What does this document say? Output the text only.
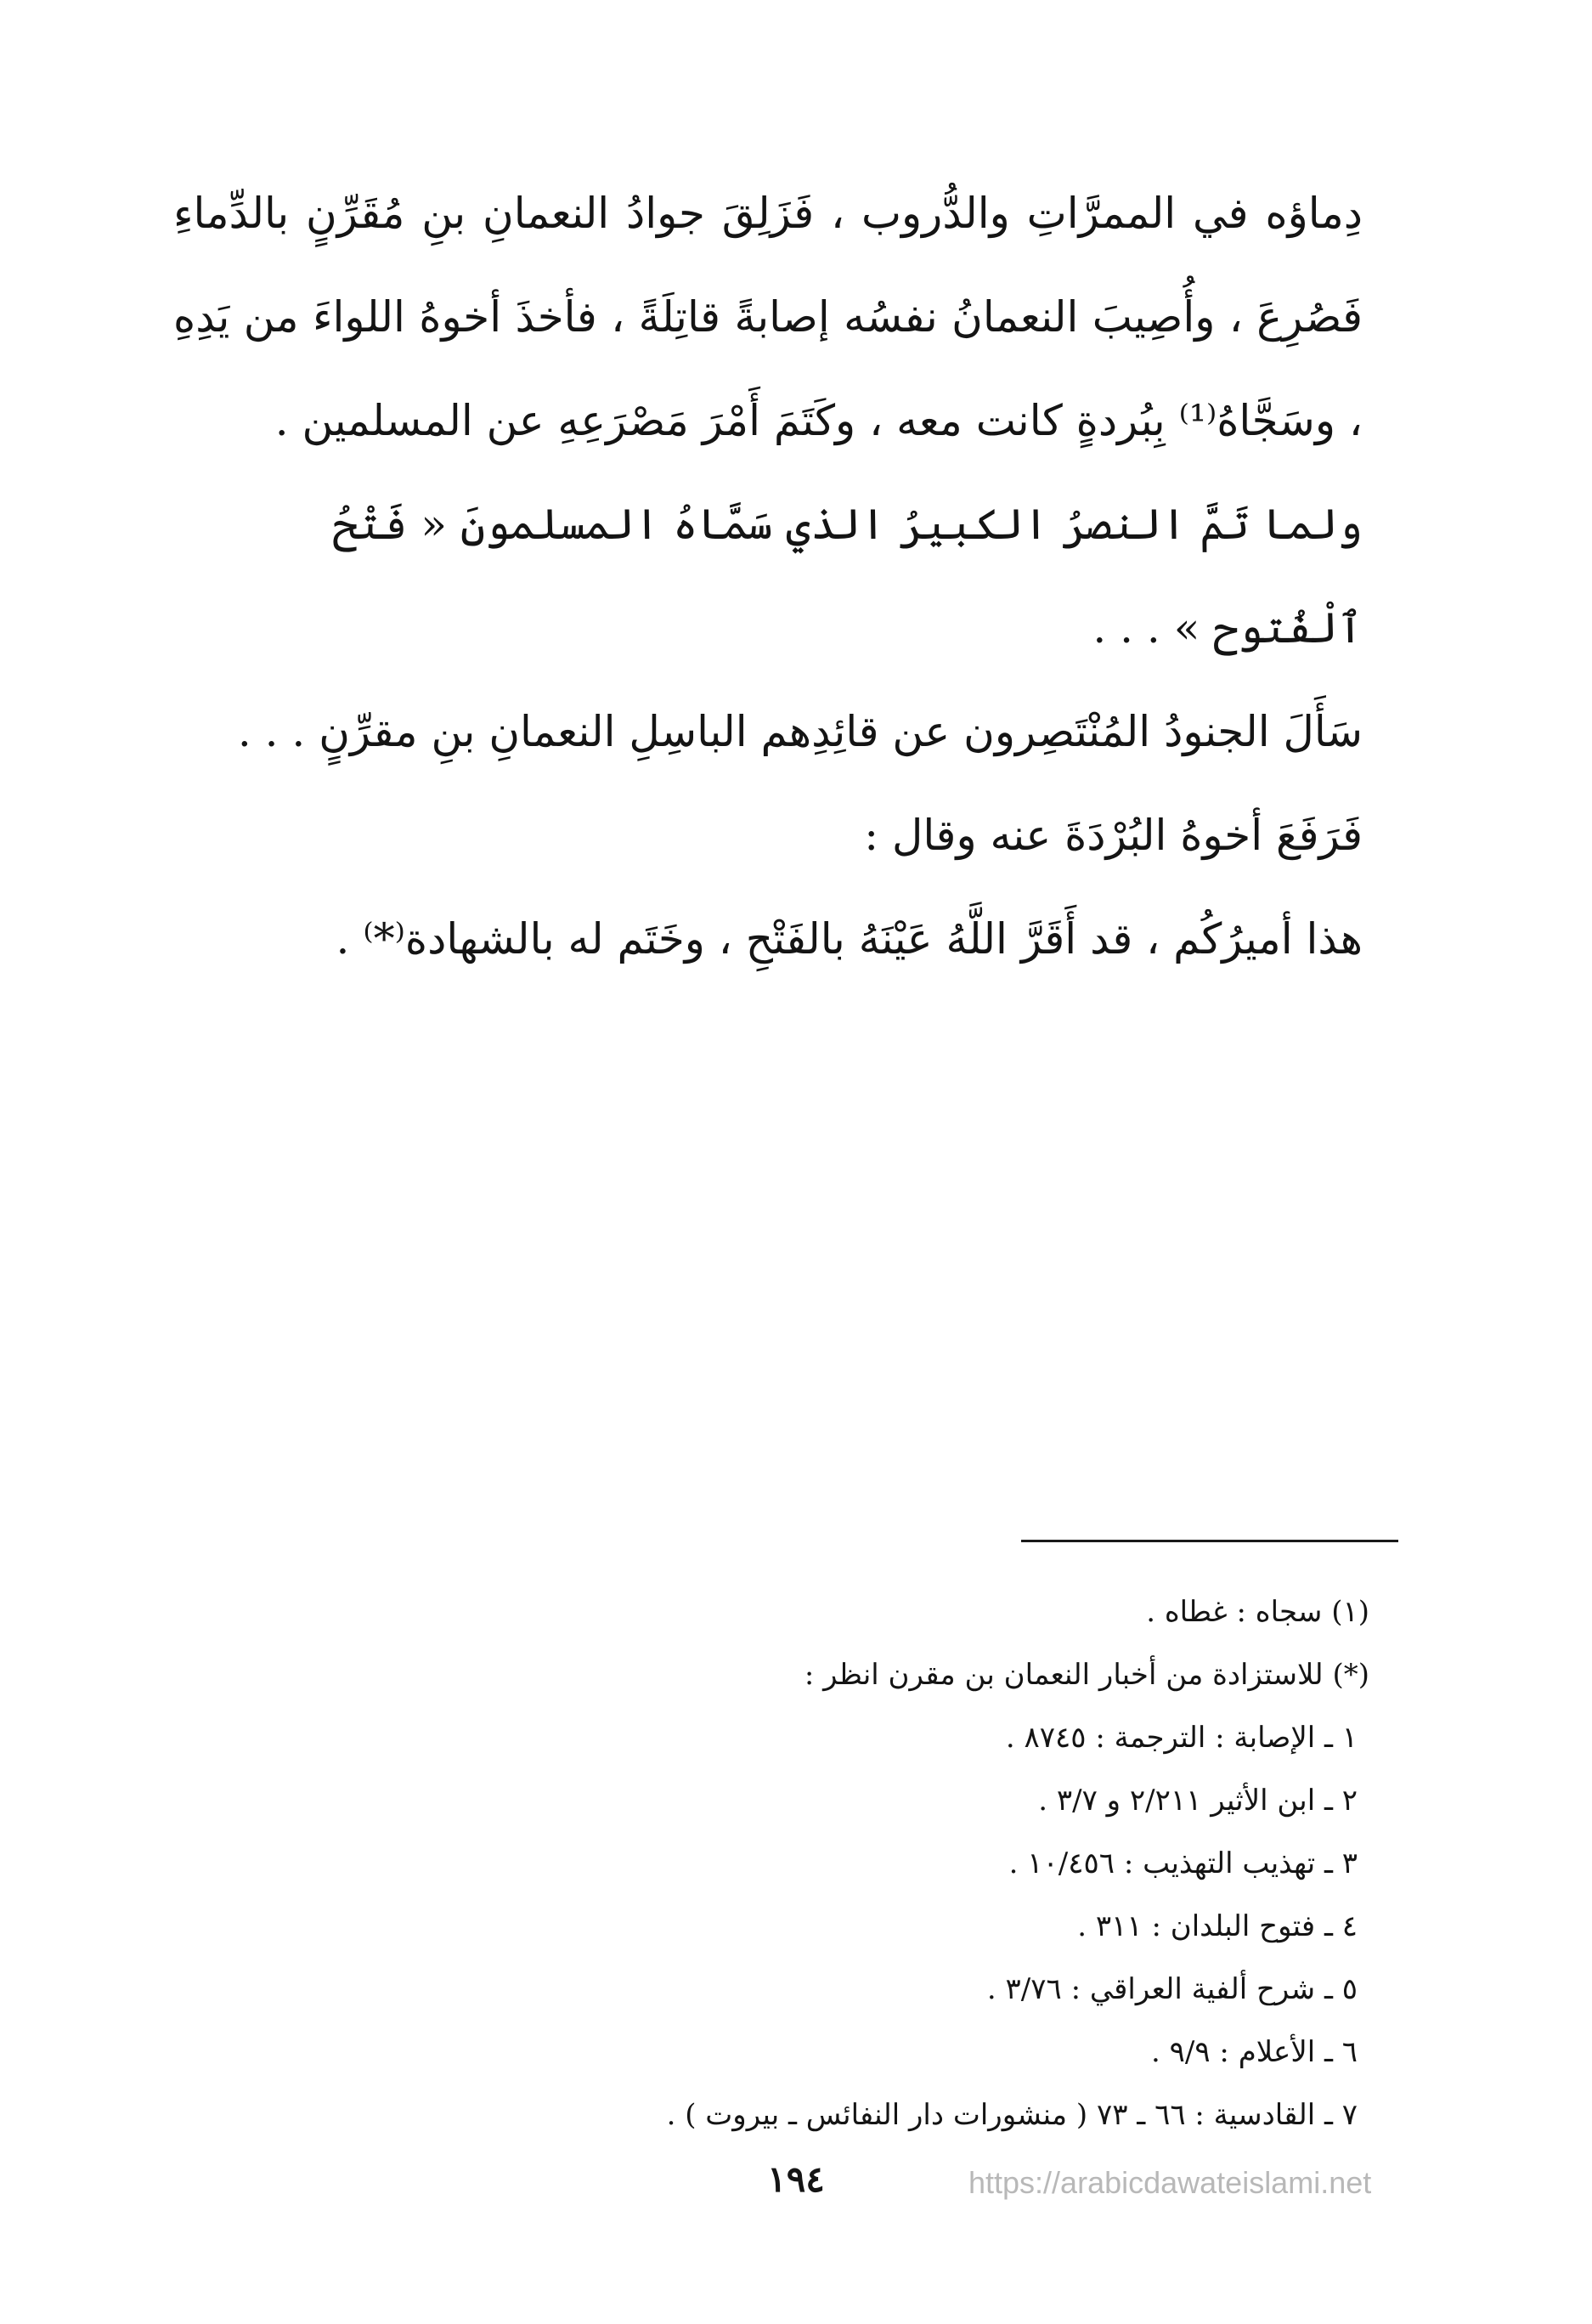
دِماؤه في الممرَّاتِ والدُّروب ، فَزَلِقَ جوادُ النعمانِ بنِ مُقَرِّنٍ بالدِّماءِ فَصُرِعَ ، وأُصِيبَ النعمانُ نفسُه إصابةً قاتِلَةً ، فأخذَ أخوهُ اللواءَ من يَدِهِ ، وسَجَّاهُ⁽¹⁾ بِبُردةٍ كانت معه ، وكَتَمَ أَمْرَ مَصْرَعِهِ عن المسلمين .

ولما تَمَّ النصرُ الكبيرُ الذي سَمَّاهُ المسلمونَ « فَتْحُ ٱلْفُتوح » . . .

سَأَلَ الجنودُ المُنْتَصِرون عن قائِدِهم الباسِلِ النعمانِ بنِ مقرِّنٍ . . .

فَرَفَعَ أخوهُ البُرْدَةَ عنه وقال :

هذا أميرُكُم ، قد أَقَرَّ اللَّهُ عَيْنَهُ بالفَتْحِ ، وخَتَم له بالشهادة⁽*⁾ .

(١) سجاه : غطاه .

(*) للاستزادة من أخبار النعمان بن مقرن انظر :

١ ـ الإصابة : الترجمة : ٨٧٤٥ .
٢ ـ ابن الأثير ٢/٢١١ و ٣/٧ .
٣ ـ تهذيب التهذيب : ١٠/٤٥٦ .
٤ ـ فتوح البلدان : ٣١١ .
٥ ـ شرح ألفية العراقي : ٣/٧٦ .
٦ ـ الأعلام : ٩/٩ .
٧ ـ القادسية : ٦٦ ـ ٧٣ ( منشورات دار النفائس ـ بيروت ) .
١٩٤	https://arabicdawateislami.net
